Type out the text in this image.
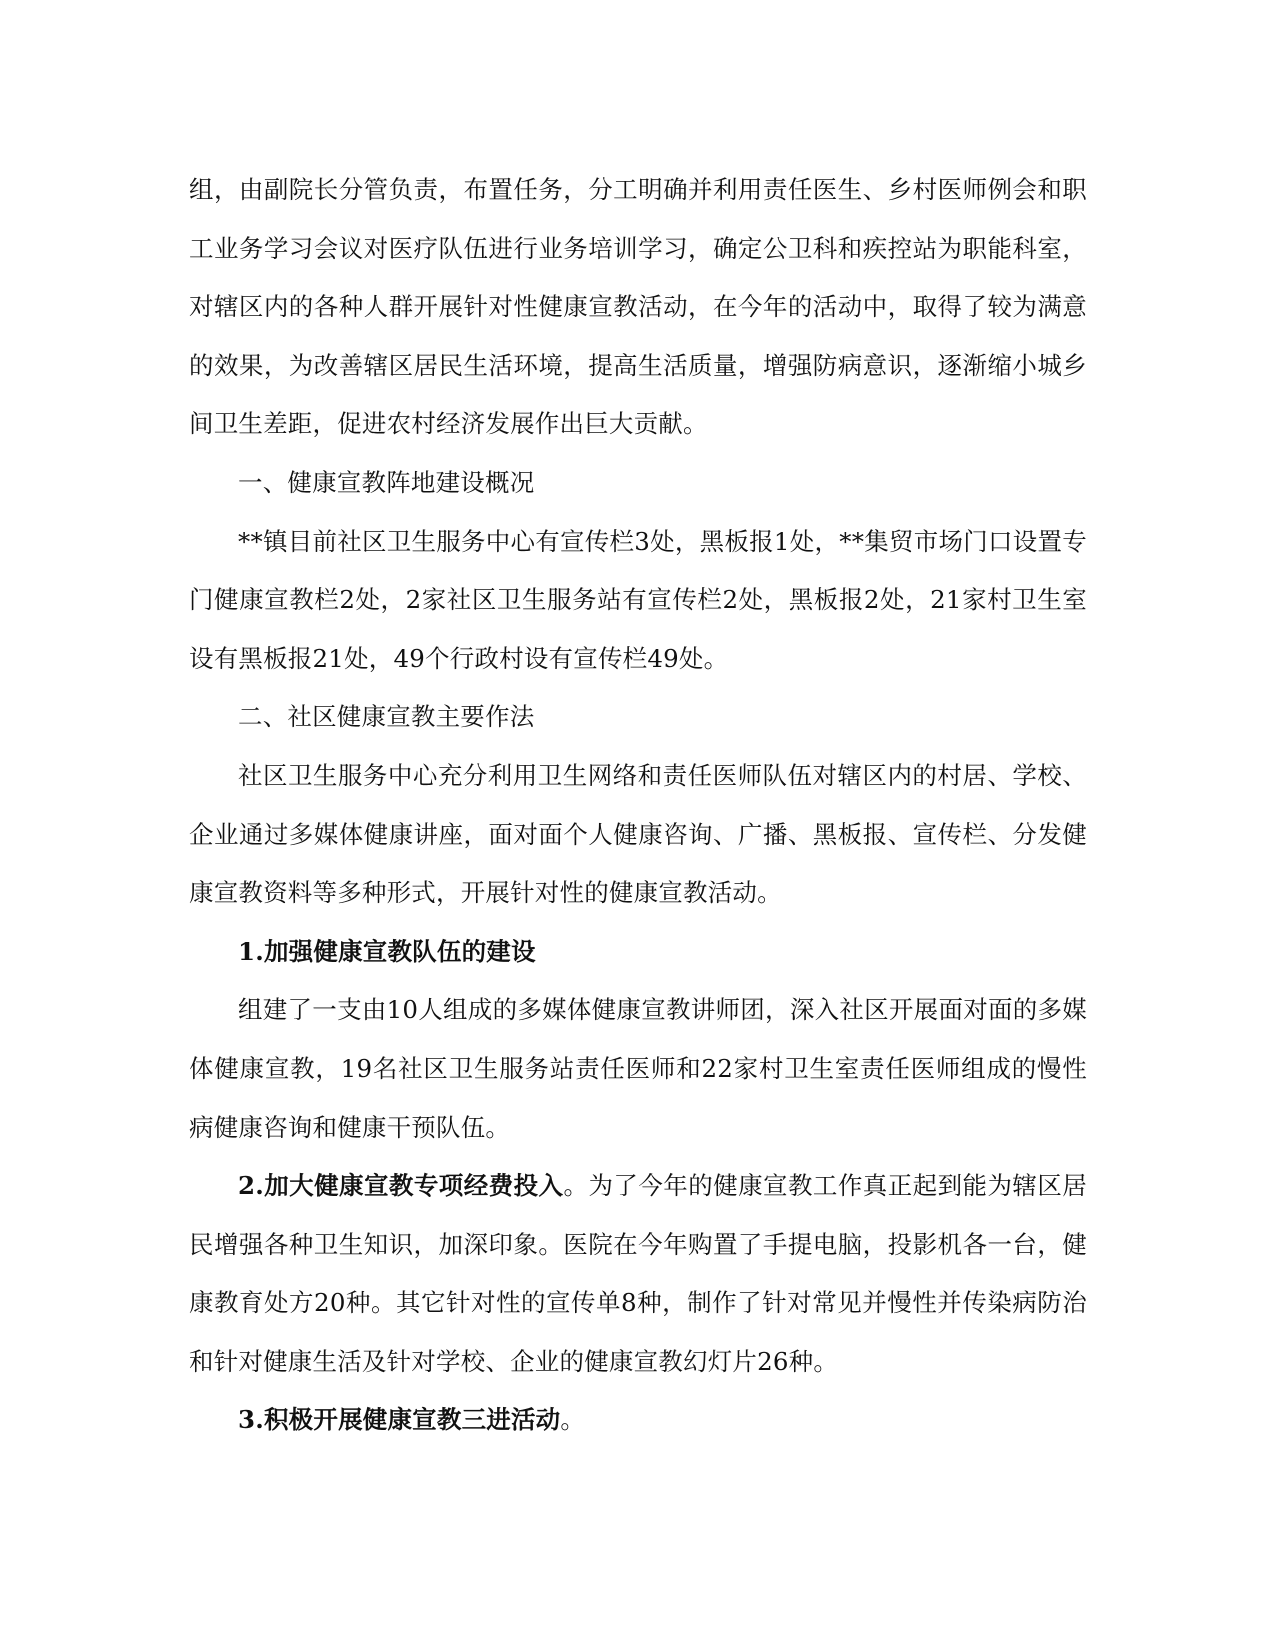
组，由副院长分管负责，布置任务，分工明确并利用责任医生、乡村医师例会和职工业务学习会议对医疗队伍进行业务培训学习，确定公卫科和疾控站为职能科室，对辖区内的各种人群开展针对性健康宣教活动，在今年的活动中，取得了较为满意的效果，为改善辖区居民生活环境，提高生活质量，增强防病意识，逐渐缩小城乡间卫生差距，促进农村经济发展作出巨大贡献。

一、健康宣教阵地建设概况

**镇目前社区卫生服务中心有宣传栏3处，黑板报1处，**集贸市场门口设置专门健康宣教栏2处，2家社区卫生服务站有宣传栏2处，黑板报2处，21家村卫生室设有黑板报21处，49个行政村设有宣传栏49处。

二、社区健康宣教主要作法

社区卫生服务中心充分利用卫生网络和责任医师队伍对辖区内的村居、学校、企业通过多媒体健康讲座，面对面个人健康咨询、广播、黑板报、宣传栏、分发健康宣教资料等多种形式，开展针对性的健康宣教活动。

1.加强健康宣教队伍的建设

组建了一支由10人组成的多媒体健康宣教讲师团，深入社区开展面对面的多媒体健康宣教，19名社区卫生服务站责任医师和22家村卫生室责任医师组成的慢性病健康咨询和健康干预队伍。

2.加大健康宣教专项经费投入。为了今年的健康宣教工作真正起到能为辖区居民增强各种卫生知识，加深印象。医院在今年购置了手提电脑，投影机各一台，健康教育处方20种。其它针对性的宣传单8种，制作了针对常见并慢性并传染病防治和针对健康生活及针对学校、企业的健康宣教幻灯片26种。

3.积极开展健康宣教三进活动。
